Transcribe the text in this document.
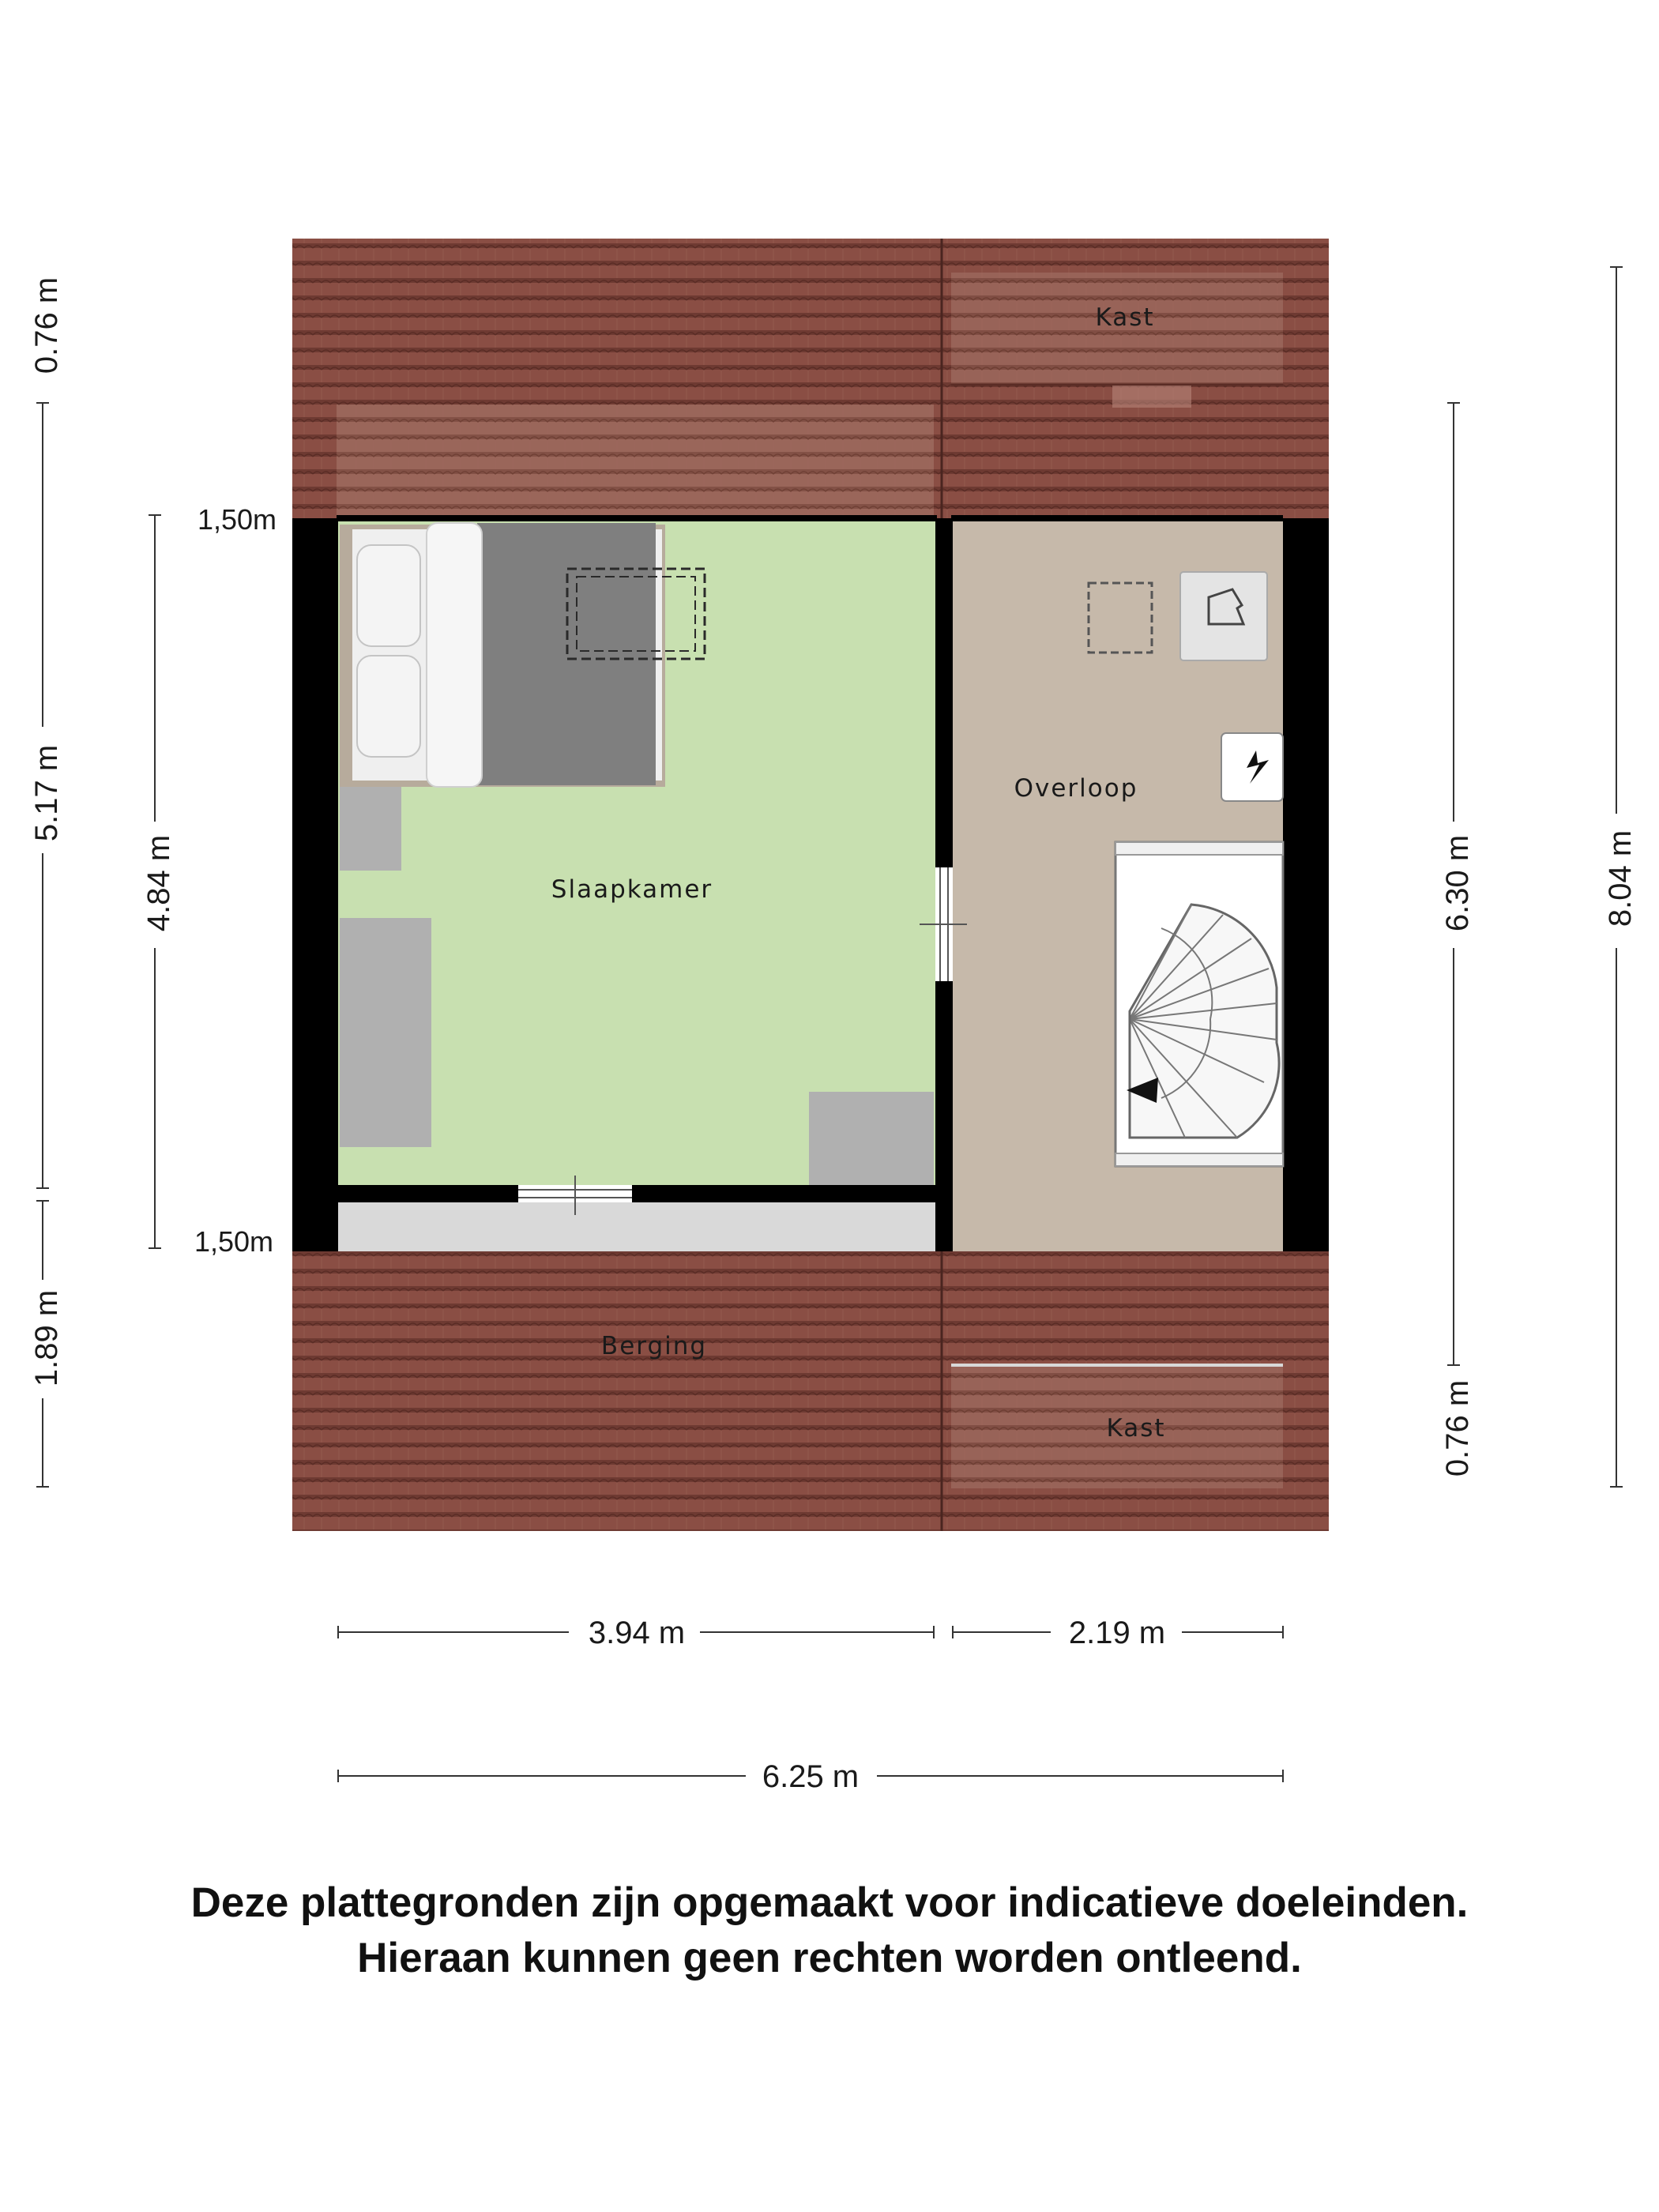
Slaapkamer
Overloop
Berging
Kast
Kast
1,50m
1,50m
0.76 m
5.17 m
1.89 m
4.84 m	6.30 m
0.76 m
8.04 m
3.94 m	2.19 m
6.25 m
Deze plattegronden zijn opgemaakt voor indicatieve doeleinden.
Hieraan kunnen geen rechten worden ontleend.
